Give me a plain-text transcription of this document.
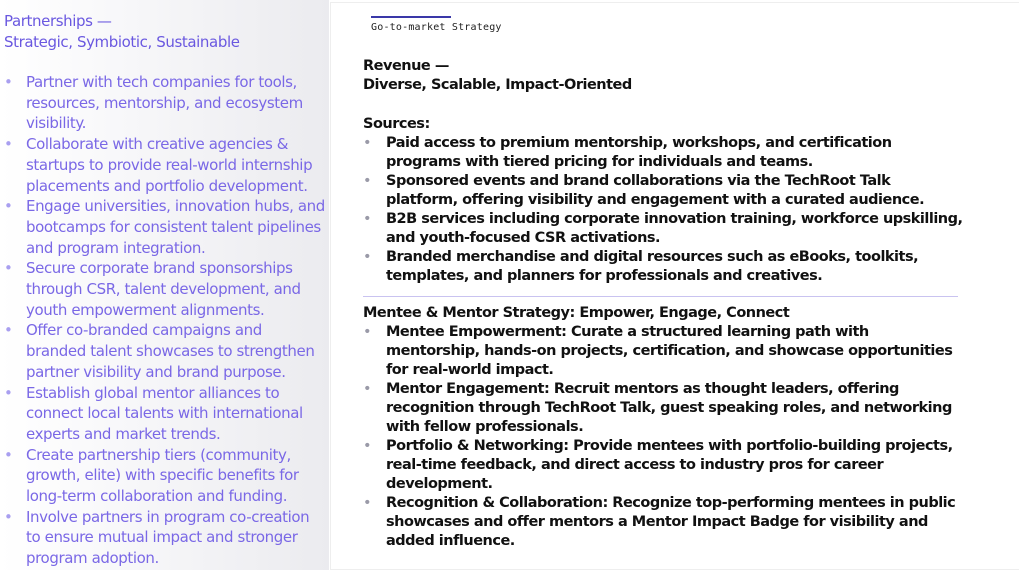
Partnerships —
Strategic, Symbiotic, Sustainable

• Partner with tech companies for tools, resources, mentorship, and ecosystem visibility.
• Collaborate with creative agencies & startups to provide real-world internship placements and portfolio development.
• Engage universities, innovation hubs, and bootcamps for consistent talent pipelines and program integration.
• Secure corporate brand sponsorships through CSR, talent development, and youth empowerment alignments.
• Offer co-branded campaigns and branded talent showcases to strengthen partner visibility and brand purpose.
• Establish global mentor alliances to connect local talents with international experts and market trends.
• Create partnership tiers (community, growth, elite) with specific benefits for long-term collaboration and funding.
• Involve partners in program co-creation to ensure mutual impact and stronger program adoption.

Go-to-market Strategy

Revenue —
Diverse, Scalable, Impact-Oriented

Sources:

• Paid access to premium mentorship, workshops, and certification programs with tiered pricing for individuals and teams.
• Sponsored events and brand collaborations via the TechRoot Talk platform, offering visibility and engagement with a curated audience.
• B2B services including corporate innovation training, workforce upskilling, and youth-focused CSR activations.
• Branded merchandise and digital resources such as eBooks, toolkits, templates, and planners for professionals and creatives.

Mentee & Mentor Strategy: Empower, Engage, Connect

• Mentee Empowerment: Curate a structured learning path with mentorship, hands-on projects, certification, and showcase opportunities for real-world impact.
• Mentor Engagement: Recruit mentors as thought leaders, offering recognition through TechRoot Talk, guest speaking roles, and networking with fellow professionals.
• Portfolio & Networking: Provide mentees with portfolio-building projects, real-time feedback, and direct access to industry pros for career development.
• Recognition & Collaboration: Recognize top-performing mentees in public showcases and offer mentors a Mentor Impact Badge for visibility and added influence.
